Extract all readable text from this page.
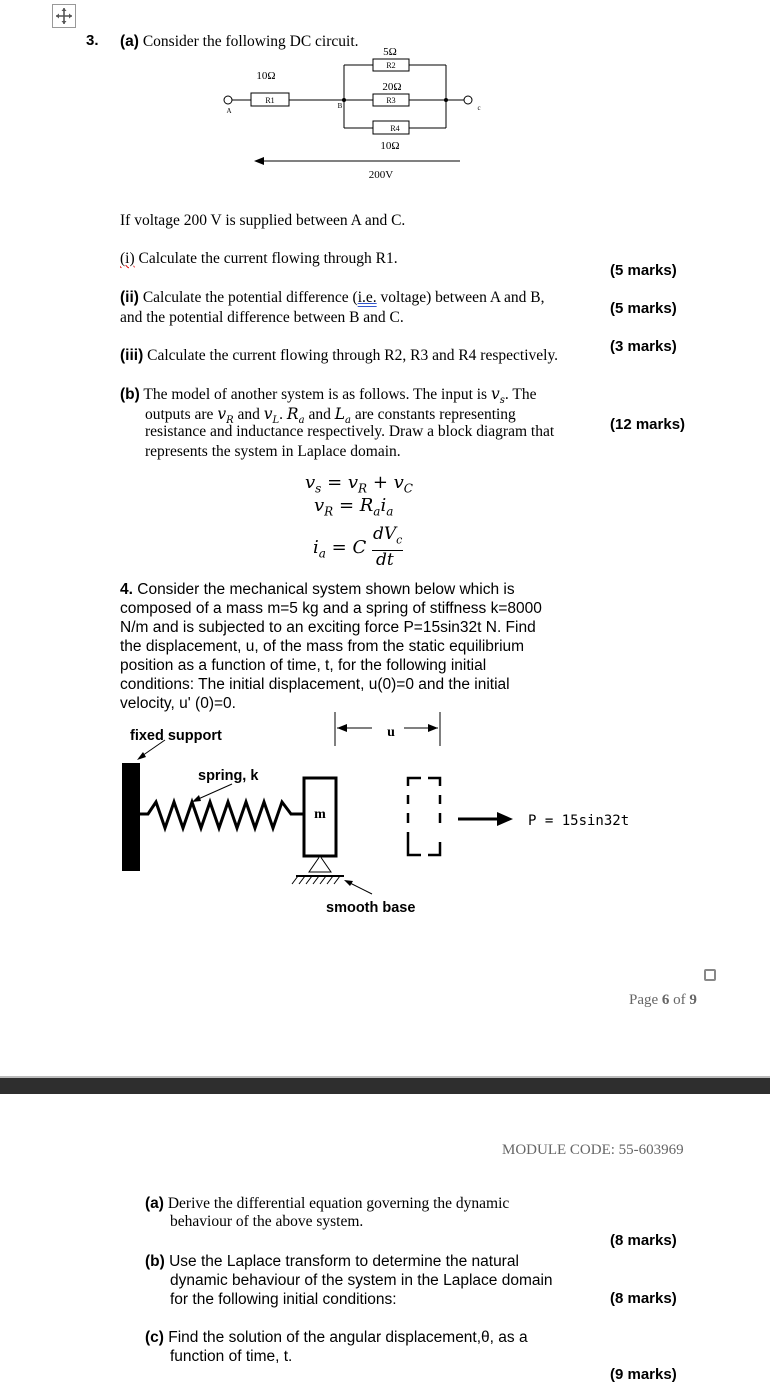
3. (a) Consider the following DC circuit.
R1
10Ω
R2
5Ω
R3
20Ω
R4
10Ω
A
B	c
200V
If voltage 200 V is supplied between A and C.
(i) Calculate the current flowing through R1.
(5 marks)
(ii) Calculate the potential difference (i.e. voltage) between A and B,
and the potential difference between B and C.
(5 marks)
(iii) Calculate the current flowing through R2, R3 and R4 respectively.
(3 marks)
(b) The model of another system is as follows. The input is $v_s$. The
outputs are $v_R$ and $v_L$. $R_a$ and $L_a$ are constants representing
resistance and inductance respectively. Draw a block diagram that
represents the system in Laplace domain.
(12 marks)
$v_s = v_R + v_C$
$v_R = R_ai_a$
$i_a = C$
$dV_c$
dt
4. Consider the mechanical system shown below which is
composed of a mass m=5 kg and a spring of stiffness k=8000
N/m and is subjected to an exciting force P=15sin32t N. Find
the displacement, u, of the mass from the static equilibrium
position as a function of time, t, for the following initial
conditions: The initial displacement, u(0)=0 and the initial
velocity, u' (0)=0.
u
fixed support
spring, k
m
smooth base
P = 15sin32t
Page 6 of 9
MODULE CODE: 55-603969
(a) Derive the differential equation governing the dynamic
behaviour of the above system.
(8 marks)
(b) Use the Laplace transform to determine the natural
dynamic behaviour of the system in the Laplace domain
for the following initial conditions:	(8 marks)
(c) Find the solution of the angular displacement,θ, as a
function of time, t.
(9 marks)
